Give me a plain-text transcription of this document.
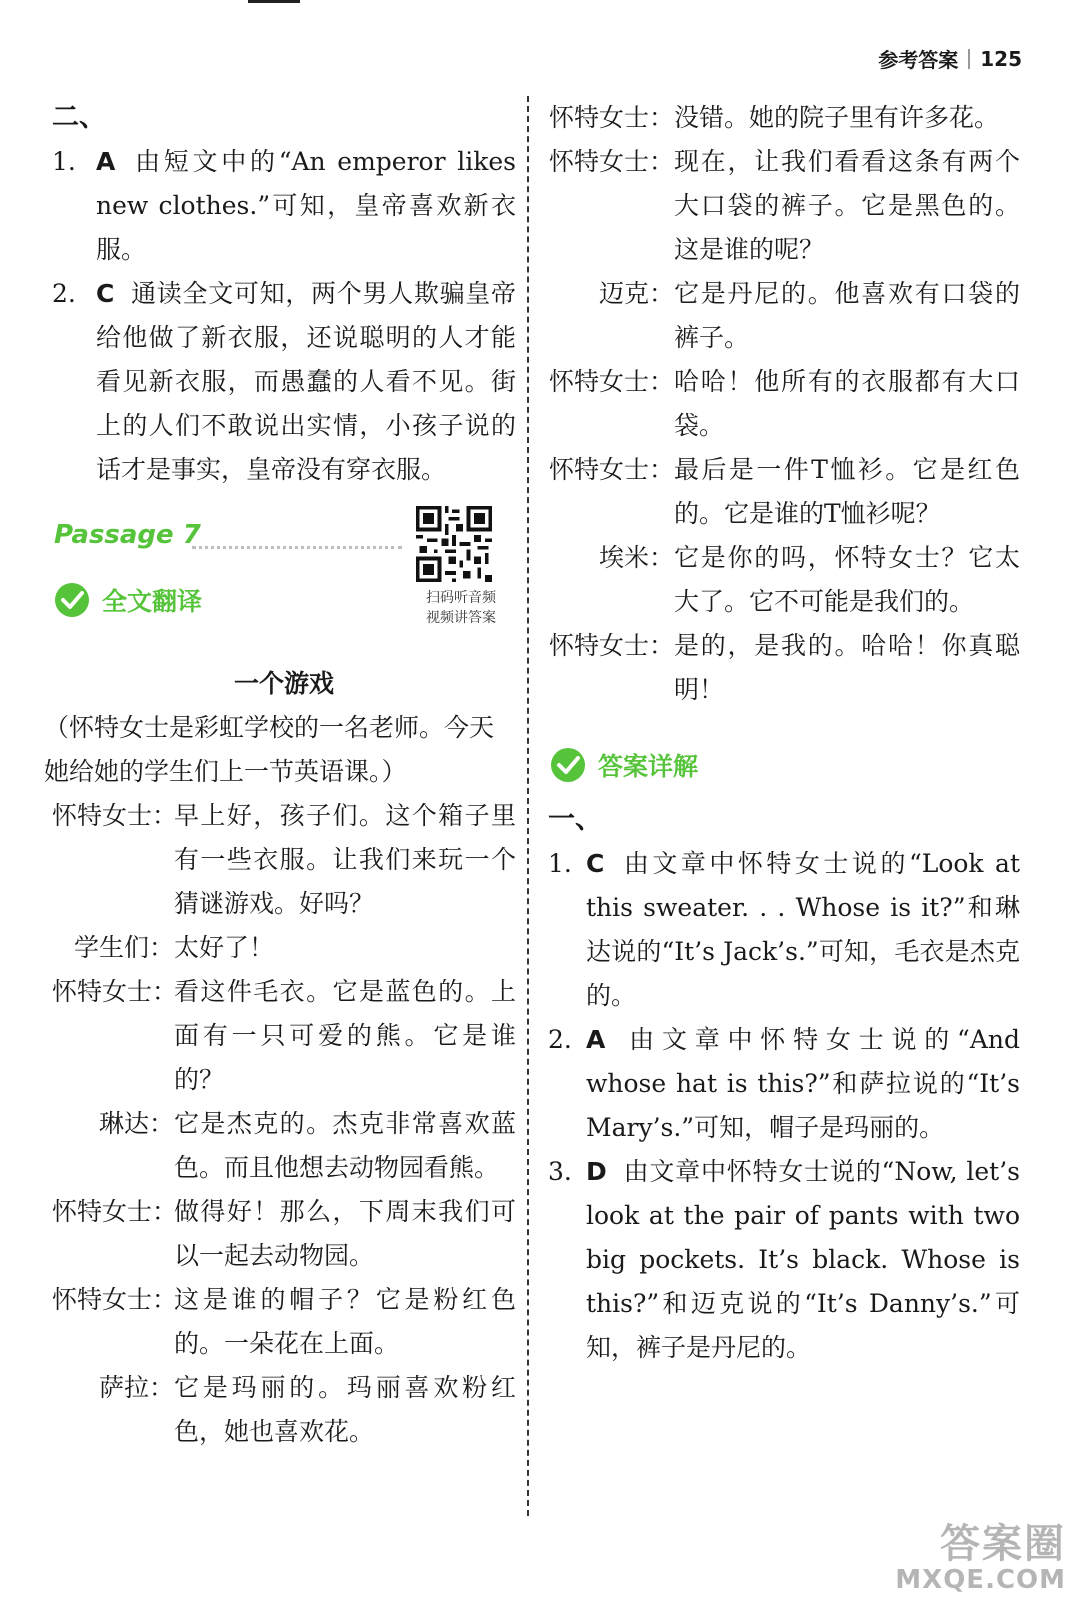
参考答案 125
二、
1. A 由短文中的“An emperor likes new clothes.”可知，皇帝喜欢新衣服。
2. C 通读全文可知，两个男人欺骗皇帝给他做了新衣服，还说聪明的人才能看见新衣服，而愚蠢的人看不见。街上的人们不敢说出实情，小孩子说的话才是事实，皇帝没有穿衣服。
Passage 7
扫码听音频
视频讲答案
全文翻译
一个游戏
（怀特女士是彩虹学校的一名老师。今天她给她的学生们上一节英语课。）
怀特女士：
早上好，孩子们。这个箱子里有一些衣服。让我们来玩一个猜谜游戏。好吗？
学生们： 太好了！
怀特女士：
看这件毛衣。它是蓝色的。上面有一只可爱的熊。它是谁的？
琳达： 它是杰克的。杰克非常喜欢蓝色。而且他想去动物园看熊。
怀特女士：
做得好！那么，下周末我们可以一起去动物园。
怀特女士：
这是谁的帽子？它是粉红色的。一朵花在上面。
萨拉： 它是玛丽的。玛丽喜欢粉红色，她也喜欢花。
怀特女士： 没错。她的院子里有许多花。
怀特女士： 现在，让我们看看这条有两个大口袋的裤子。它是黑色的。这是谁的呢？
迈克： 它是丹尼的。他喜欢有口袋的裤子。
怀特女士： 哈哈！他所有的衣服都有大口袋。
怀特女士： 最后是一件T恤衫。它是红色的。它是谁的T恤衫呢？
埃米： 它是你的吗，怀特女士？它太大了。它不可能是我们的。
怀特女士： 是的，是我的。哈哈！你真聪明！
答案详解
一、
1. C 由文章中怀特女士说的“Look at this sweater. . . Whose is it?”和琳达说的“It’s Jack’s.”可知，毛衣是杰克的。
2. A 由文章中怀特女士说的“And whose hat is this?”和萨拉说的“It’s Mary’s.”可知，帽子是玛丽的。
3. D 由文章中怀特女士说的“Now, let’s look at the pair of pants with two big pockets. It’s black. Whose is this?”和迈克说的“It’s Danny’s.”可知，裤子是丹尼的。
答案圈
MXQE.COM
